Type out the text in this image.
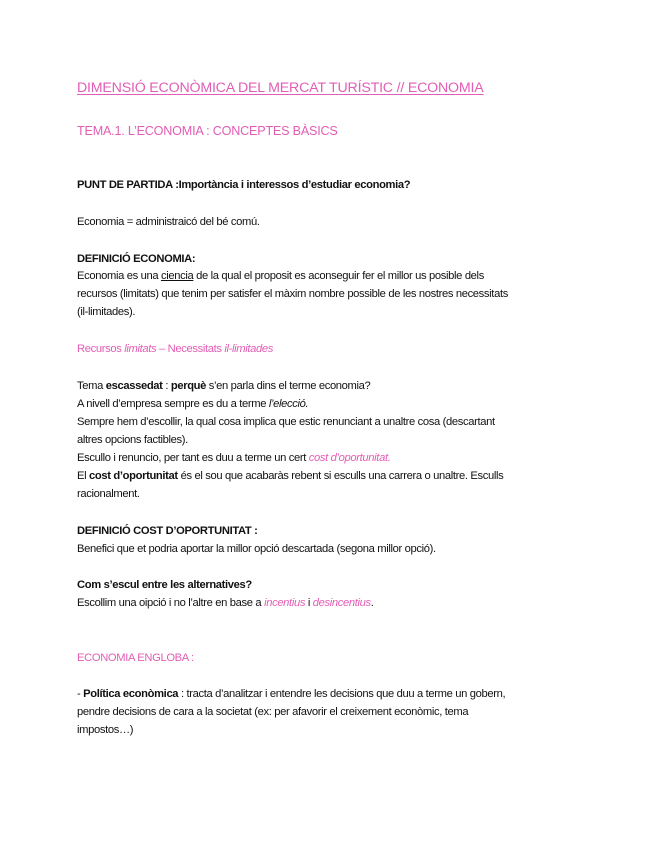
DIMENSIÓ ECONÒMICA DEL MERCAT TURÍSTIC // ECONOMIA
TEMA.1. L’ECONOMIA : CONCEPTES BÀSICS
PUNT DE PARTIDA :Importància i interessos d’estudiar economia?
Economia = administraicó del bé comú.
DEFINICIÓ ECONOMIA:
Economia es una ciencia de la qual el proposit es aconseguir fer el millor us posible dels
recursos (limitats) que tenim per satisfer el màxim nombre possible de les nostres necessitats
(il-limitades).
Recursos limitats – Necessitats il-limitades
Tema escassedat : perquè s’en parla dins el terme economia?
A nivell d’empresa sempre es du a terme l’elecció.
Sempre hem d’escollir, la qual cosa implica que estic renunciant a unaltre cosa (descartant
altres opcions factibles).
Escullo i renuncio, per tant es duu a terme un cert cost d’oportunitat.
El cost d’oportunitat és el sou que acabaràs rebent si esculls una carrera o unaltre. Esculls
racionalment.
DEFINICIÓ COST D’OPORTUNITAT :
Benefici que et podria aportar la millor opció descartada (segona millor opció).
Com s’escul entre les alternatives?
Escollim una oipció i no l’altre en base a incentius i desincentius.
ECONOMIA ENGLOBA :
- Política econòmica : tracta d’analitzar i entendre les decisions que duu a terme un gobern,
pendre decisions de cara a la societat (ex: per afavorir el creixement econòmic, tema
impostos…)
